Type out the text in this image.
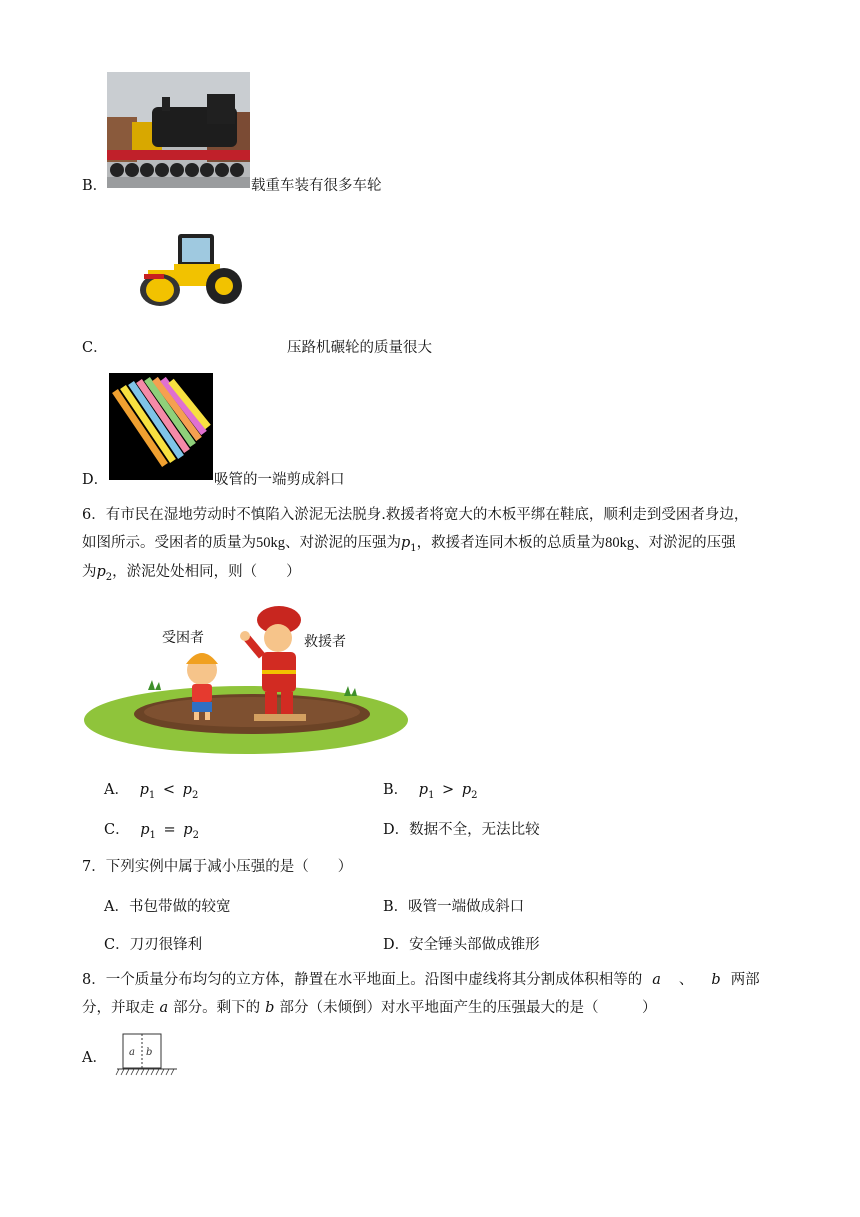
B．	载重车装有很多车轮
C．	压路机碾轮的质量很大
D．	吸管的一端剪成斜口
6．有市民在湿地劳动时不慎陷入淤泥无法脱身.救援者将宽大的木板平绑在鞋底，顺利走到受困者身边，
如图所示。受困者的质量为50kg、对淤泥的压强为$p_1$，救援者连同木板的总质量为80kg、对淤泥的压强
为$p_2$，淤泥处处相同，则（　　）
受困者	救援者
A． $p_1 < p_2$	B． $p_1 > p_2$
C． $p_1 = p_2$	D．数据不全，无法比较
7．下列实例中属于减小压强的是（　　）
A．书包带做的较宽	B．吸管一端做成斜口
C．刀刃很锋利	D．安全锤头部做成锥形
8．一个质量分布均匀的立方体，静置在水平地面上。沿图中虚线将其分割成体积相等的 a 、 b 两部
分，并取走 a 部分。剩下的 b 部分（未倾倒）对水平地面产生的压强最大的是（　　　）
A． a b
